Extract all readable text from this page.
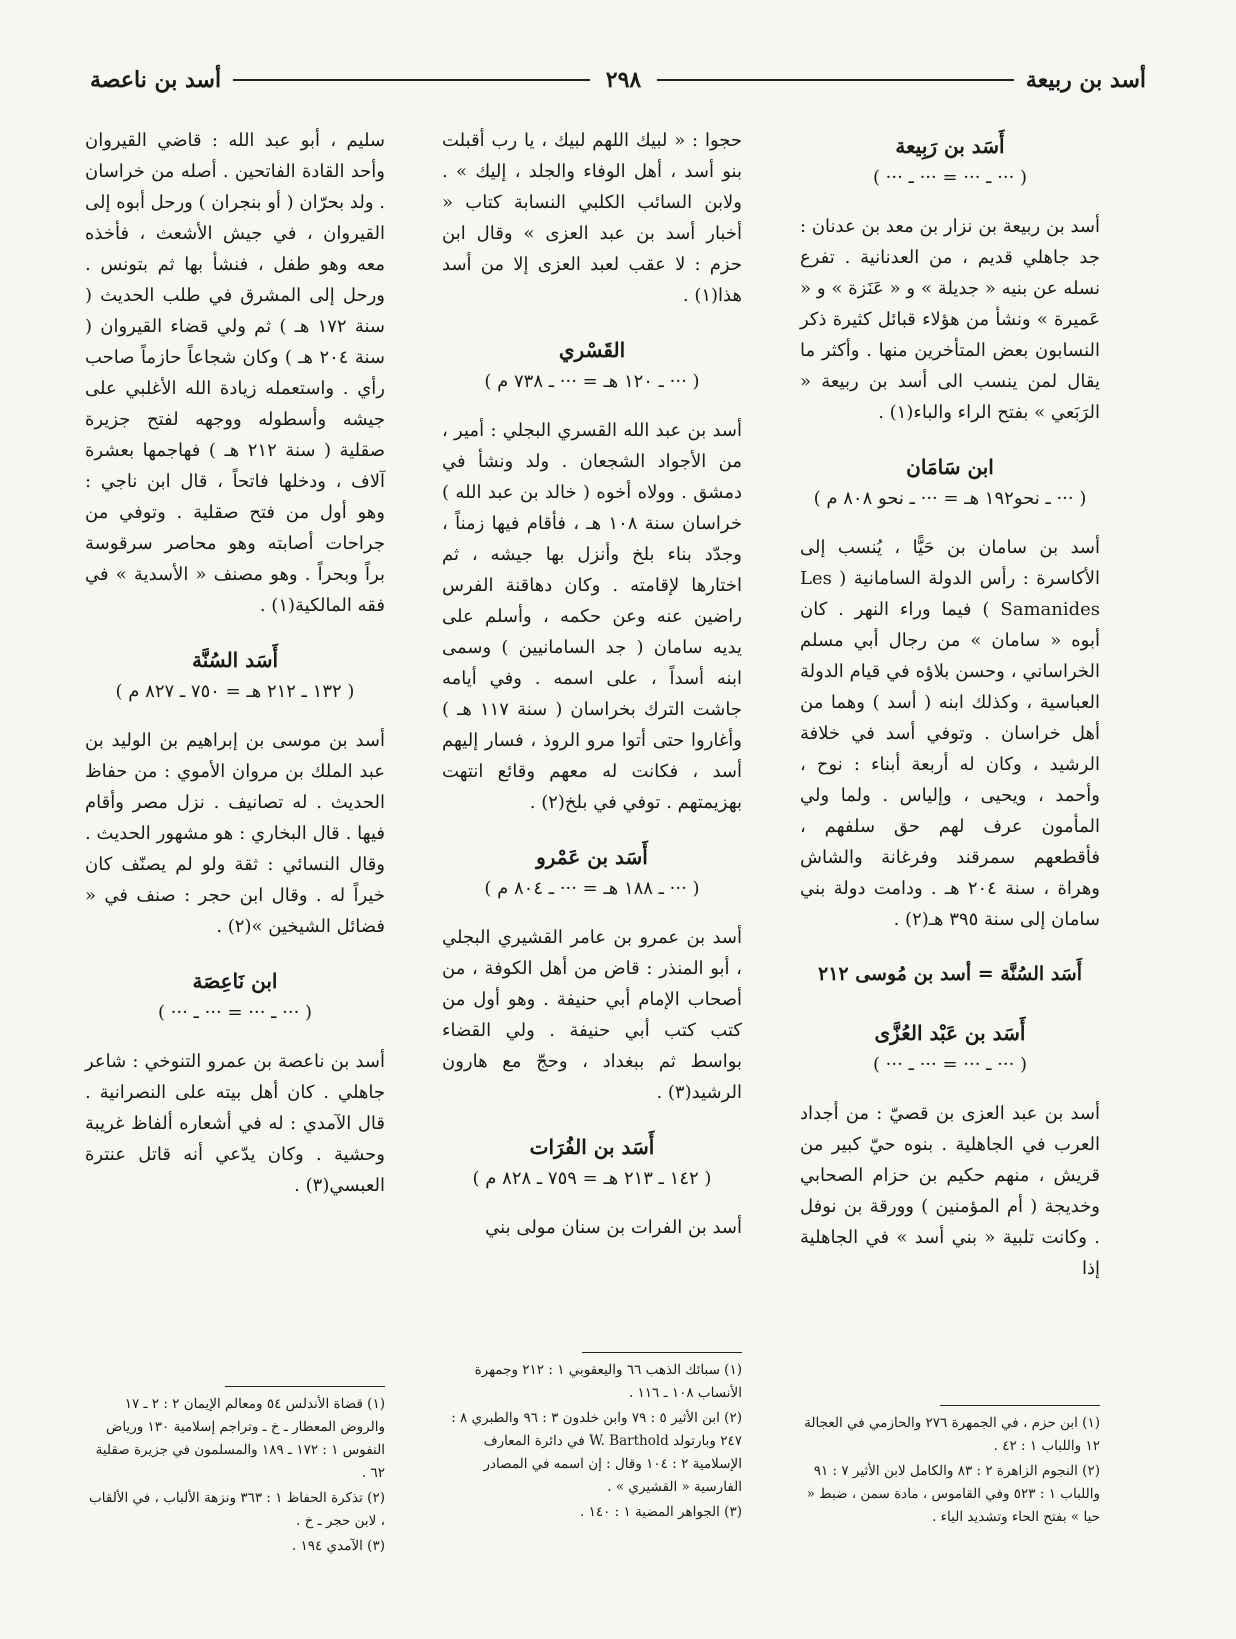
أسد بن ربيعة
٢٩٨
أسد بن ناعصة
أَسَد بن رَبِيعة
( ··· ـ ··· = ··· ـ ··· )
أسد بن ربيعة بن نزار بن معد بن عدنان : جد جاهلي قديم ، من العدنانية . تفرع نسله عن بنيه « جديلة » و « عَنَزة » و « عَميرة » ونشأ من هؤلاء قبائل كثيرة ذكر النسابون بعض المتأخرين منها . وأكثر ما يقال لمن ينسب الى أسد بن ربيعة « الرَبَعي » بفتح الراء والباء(١) .
ابن سَامَان
( ··· ـ نحو١٩٢ هـ = ··· ـ نحو ٨٠٨ م )
أسد بن سامان بن حَيًّا ، يُنسب إلى الأكاسرة : رأس الدولة السامانية ( Les Samanides ) فيما وراء النهر . كان أبوه « سامان » من رجال أبي مسلم الخراساني ، وحسن بلاؤه في قيام الدولة العباسية ، وكذلك ابنه ( أسد ) وهما من أهل خراسان . وتوفي أسد في خلافة الرشيد ، وكان له أربعة أبناء : نوح ، وأحمد ، ويحيى ، وإلياس . ولما ولي المأمون عرف لهم حق سلفهم ، فأقطعهم سمرقند وفرغانة والشاش وهراة ، سنة ٢٠٤ هـ . ودامت دولة بني سامان إلى سنة ٣٩٥ هـ(٢) .
أَسَد السُنَّة = أسد بن مُوسى ٢١٢
أَسَد بن عَبْد العُزَّى
( ··· ـ ··· = ··· ـ ··· )
أسد بن عبد العزى بن قصيّ : من أجداد العرب في الجاهلية . بنوه حيّ كبير من قريش ، منهم حكيم بن حزام الصحابي وخديجة ( أم المؤمنين ) وورقة بن نوفل . وكانت تلبية « بني أسد » في الجاهلية إذا
(١) ابن حزم ، في الجمهرة ٢٧٦ والحازمي في العجالة ١٢ واللباب ١ : ٤٢ .
(٢) النجوم الزاهرة ٢ : ٨٣ والكامل لابن الأثير ٧ : ٩١ واللباب ١ : ٥٢٣ وفي القاموس ، مادة سمن ، ضبط « حيا » بفتح الحاء وتشديد الياء .
حجوا : « لبيك اللهم لبيك ، يا رب أقبلت بنو أسد ، أهل الوفاء والجلد ، إليك » . ولابن السائب الكلبي النسابة كتاب « أخبار أسد بن عبد العزى » وقال ابن حزم : لا عقب لعبد العزى إلا من أسد هذا(١) .
القَسْري
( ··· ـ ١٢٠ هـ = ··· ـ ٧٣٨ م )
أسد بن عبد الله القسري البجلي : أمير ، من الأجواد الشجعان . ولد ونشأ في دمشق . وولاه أخوه ( خالد بن عبد الله ) خراسان سنة ١٠٨ هـ ، فأقام فيها زمناً ، وجدّد بناء بلخ وأنزل بها جيشه ، ثم اختارها لإقامته . وكان دهاقنة الفرس راضين عنه وعن حكمه ، وأسلم على يديه سامان ( جد السامانيين ) وسمى ابنه أسداً ، على اسمه . وفي أيامه جاشت الترك بخراسان ( سنة ١١٧ هـ ) وأغاروا حتى أتوا مرو الروذ ، فسار إليهم أسد ، فكانت له معهم وقائع انتهت بهزيمتهم . توفي في بلخ(٢) .
أَسَد بن عَمْرو
( ··· ـ ١٨٨ هـ = ··· ـ ٨٠٤ م )
أسد بن عمرو بن عامر القشيري البجلي ، أبو المنذر : قاض من أهل الكوفة ، من أصحاب الإمام أبي حنيفة . وهو أول من كتب كتب أبي حنيفة . ولي القضاء بواسط ثم ببغداد ، وحجّ مع هارون الرشيد(٣) .
أَسَد بن الفُرَات
( ١٤٢ ـ ٢١٣ هـ = ٧٥٩ ـ ٨٢٨ م )
أسد بن الفرات بن سنان مولى بني
(١) سبائك الذهب ٦٦ واليعقوبي ١ : ٢١٢ وجمهرة الأنساب ١٠٨ ـ ١١٦ .
(٢) ابن الأثير ٥ : ٧٩ وابن خلدون ٣ : ٩٦ والطبري ٨ : ٢٤٧ وبارتولد W. Barthold في دائرة المعارف الإسلامية ٢ : ١٠٤ وقال : إن اسمه في المصادر الفارسية « القشيري » .
(٣) الجواهر المضية ١ : ١٤٠ .
سليم ، أبو عبد الله : قاضي القيروان وأحد القادة الفاتحين . أصله من خراسان . ولد بحرّان ( أو بنجران ) ورحل أبوه إلى القيروان ، في جيش الأشعث ، فأخذه معه وهو طفل ، فنشأ بها ثم بتونس . ورحل إلى المشرق في طلب الحديث ( سنة ١٧٢ هـ ) ثم ولي قضاء القيروان ( سنة ٢٠٤ هـ ) وكان شجاعاً حازماً صاحب رأي . واستعمله زيادة الله الأغلبي على جيشه وأسطوله ووجهه لفتح جزيرة صقلية ( سنة ٢١٢ هـ ) فهاجمها بعشرة آلاف ، ودخلها فاتحاً ، قال ابن ناجي : وهو أول من فتح صقلية . وتوفي من جراحات أصابته وهو محاصر سرقوسة براً وبحراً . وهو مصنف « الأسدية » في فقه المالكية(١) .
أَسَد السُنَّة
( ١٣٢ ـ ٢١٢ هـ = ٧٥٠ ـ ٨٢٧ م )
أسد بن موسى بن إبراهيم بن الوليد بن عبد الملك بن مروان الأموي : من حفاظ الحديث . له تصانيف . نزل مصر وأقام فيها . قال البخاري : هو مشهور الحديث . وقال النسائي : ثقة ولو لم يصنّف كان خيراً له . وقال ابن حجر : صنف في « فضائل الشيخين »(٢) .
ابن نَاعِصَة
( ··· ـ ··· = ··· ـ ··· )
أسد بن ناعصة بن عمرو التنوخي : شاعر جاهلي . كان أهل بيته على النصرانية . قال الآمدي : له في أشعاره ألفاظ غريبة وحشية . وكان يدّعي أنه قاتل عنترة العبسي(٣) .
(١) قضاة الأندلس ٥٤ ومعالم الإيمان ٢ : ٢ ـ ١٧ والروض المعطار ـ خ ـ وتراجم إسلامية ١٣٠ ورياض النفوس ١ : ١٧٢ ـ ١٨٩ والمسلمون في جزيرة صقلية ٦٢ .
(٢) تذكرة الحفاظ ١ : ٣٦٣ ونزهة الألباب ، في الألقاب ، لابن حجر ـ خ .
(٣) الآمدي ١٩٤ .
